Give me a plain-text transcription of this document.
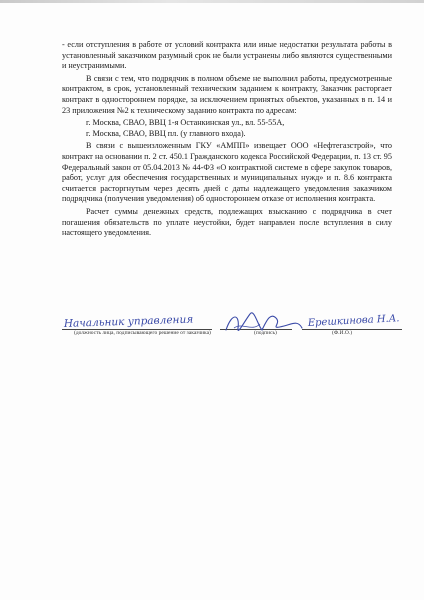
- если отступления в работе от условий контракта или иные недостатки результата работы в установленный заказчиком разумный срок не были устранены либо являются существенными и неустранимыми.

В связи с тем, что подрядчик в полном объеме не выполнил работы, предусмотренные контрактом, в срок, установленный техническим заданием к контракту, Заказчик расторгает контракт в одностороннем порядке, за исключением принятых объектов, указанных в п. 14 и 23 приложения №2 к техническому заданию контракта по адресам:

г. Москва, СВАО, ВВЦ 1-я Останкинская ул., вл. 55-55А,

г. Москва, СВАО, ВВЦ пл. (у главного входа).

В связи с вышеизложенным ГКУ «АМПП» извещает ООО «Нефтегазстрой», что контракт на основании п. 2 ст. 450.1 Гражданского кодекса Российской Федерации, п. 13 ст. 95 Федеральный закон от 05.04.2013 № 44-ФЗ «О контрактной системе в сфере закупок товаров, работ, услуг для обеспечения государственных и муниципальных нужд» и п. 8.6 контракта считается расторгнутым через десять дней с даты надлежащего уведомления заказчиком подрядчика (получения уведомления) об одностороннем отказе от исполнения контракта.

Расчет суммы денежных средств, подлежащих взысканию с подрядчика в счет погашения обязательств по уплате неустойки, будет направлен после вступления в силу настоящего уведомления.

Начальник управления	Ерешкинова Н.А.
(должность лица, подписывающего решение от заказчика)	(подпись)	(Ф.И.О.)
